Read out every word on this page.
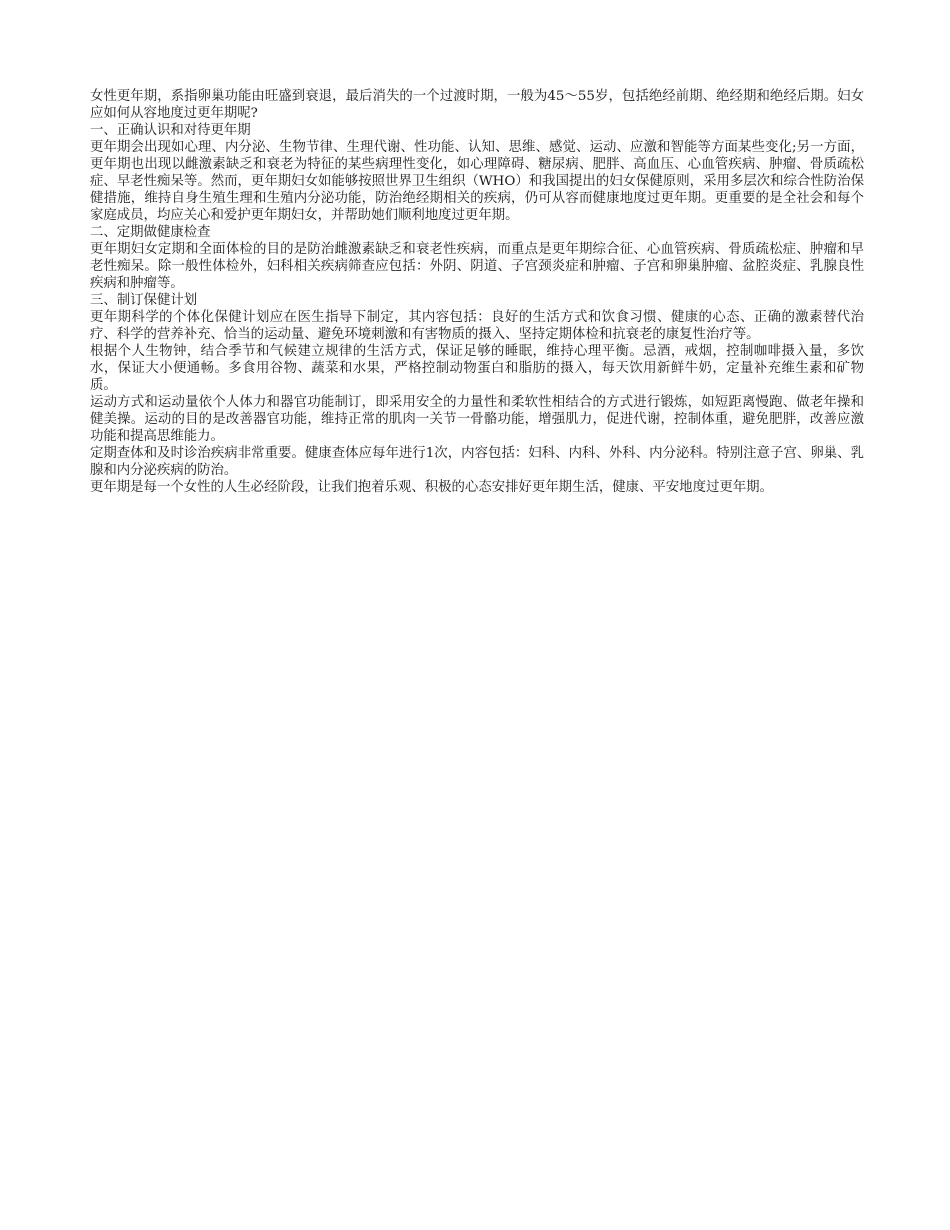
女性更年期，系指卵巢功能由旺盛到衰退，最后消失的一个过渡时期，一般为45～55岁，包括绝经前期、绝经期和绝经后期。妇女应如何从容地度过更年期呢?

一、正确认识和对待更年期

更年期会出现如心理、内分泌、生物节律、生理代谢、性功能、认知、思维、感觉、运动、应激和智能等方面某些变化;另一方面，更年期也出现以雌激素缺乏和衰老为特征的某些病理性变化，如心理障碍、糖尿病、肥胖、高血压、心血管疾病、肿瘤、骨质疏松症、早老性痴呆等。然而，更年期妇女如能够按照世界卫生组织（WHO）和我国提出的妇女保健原则，采用多层次和综合性防治保健措施，维持自身生殖生理和生殖内分泌功能，防治绝经期相关的疾病，仍可从容而健康地度过更年期。更重要的是全社会和每个家庭成员，均应关心和爱护更年期妇女，并帮助她们顺利地度过更年期。

二、定期做健康检查

更年期妇女定期和全面体检的目的是防治雌激素缺乏和衰老性疾病，而重点是更年期综合征、心血管疾病、骨质疏松症、肿瘤和早老性痴呆。除一般性体检外，妇科相关疾病筛查应包括：外阴、阴道、子宫颈炎症和肿瘤、子宫和卵巢肿瘤、盆腔炎症、乳腺良性疾病和肿瘤等。

三、制订保健计划

更年期科学的个体化保健计划应在医生指导下制定，其内容包括：良好的生活方式和饮食习惯、健康的心态、正确的激素替代治疗、科学的营养补充、恰当的运动量、避免环境刺激和有害物质的摄入、坚持定期体检和抗衰老的康复性治疗等。

根据个人生物钟，结合季节和气候建立规律的生活方式，保证足够的睡眠，维持心理平衡。忌酒，戒烟，控制咖啡摄入量，多饮水，保证大小便通畅。多食用谷物、蔬菜和水果，严格控制动物蛋白和脂肪的摄入，每天饮用新鲜牛奶，定量补充维生素和矿物质。

运动方式和运动量依个人体力和器官功能制订，即采用安全的力量性和柔软性相结合的方式进行锻炼，如短距离慢跑、做老年操和健美操。运动的目的是改善器官功能，维持正常的肌肉一关节一骨骼功能，增强肌力，促进代谢，控制体重，避免肥胖，改善应激功能和提高思维能力。

定期查体和及时诊治疾病非常重要。健康查体应每年进行1次，内容包括：妇科、内科、外科、内分泌科。特别注意子宫、卵巢、乳腺和内分泌疾病的防治。

更年期是每一个女性的人生必经阶段，让我们抱着乐观、积极的心态安排好更年期生活，健康、平安地度过更年期。
